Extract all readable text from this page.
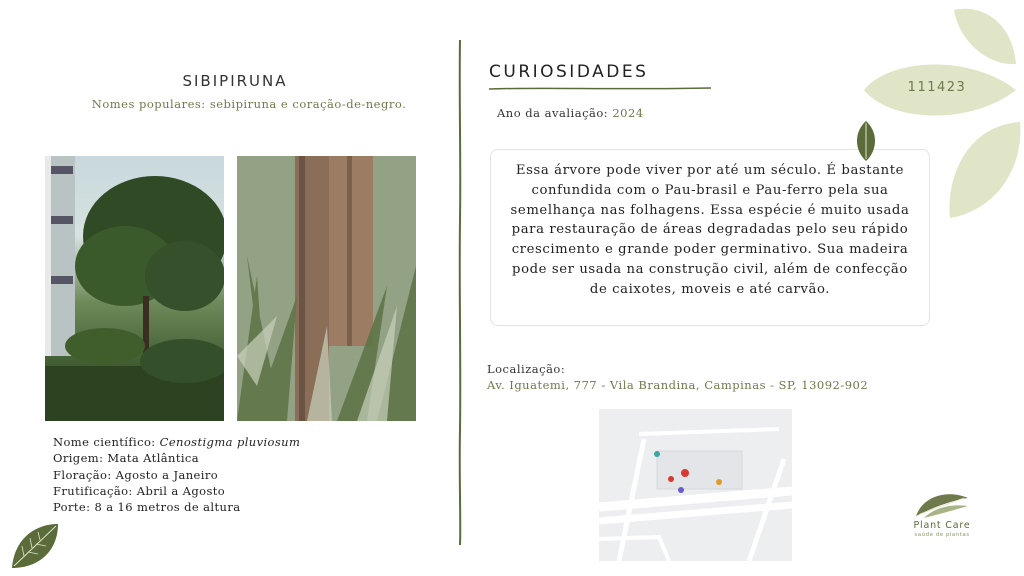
SIBIPIRUNA
Nomes populares: sebipiruna e coração-de-negro.
Nome científico: Cenostigma pluviosum
Origem: Mata Atlântica
Floração: Agosto a Janeiro
Frutificação: Abril a Agosto
Porte: 8 a 16 metros de altura
CURIOSIDADES
Ano da avaliação: 2024
Essa árvore pode viver por até um século. É bastante confundida com o Pau-brasil e Pau-ferro pela sua semelhança nas folhagens. Essa espécie é muito usada para restauração de áreas degradadas pelo seu rápido crescimento e grande poder germinativo. Sua madeira pode ser usada na construção civil, além de confecção de caixotes, moveis e até carvão.
Localização:
Av. Iguatemi, 777 - Vila Brandina, Campinas - SP, 13092-902
111423
Plant Care
saúde de plantas
